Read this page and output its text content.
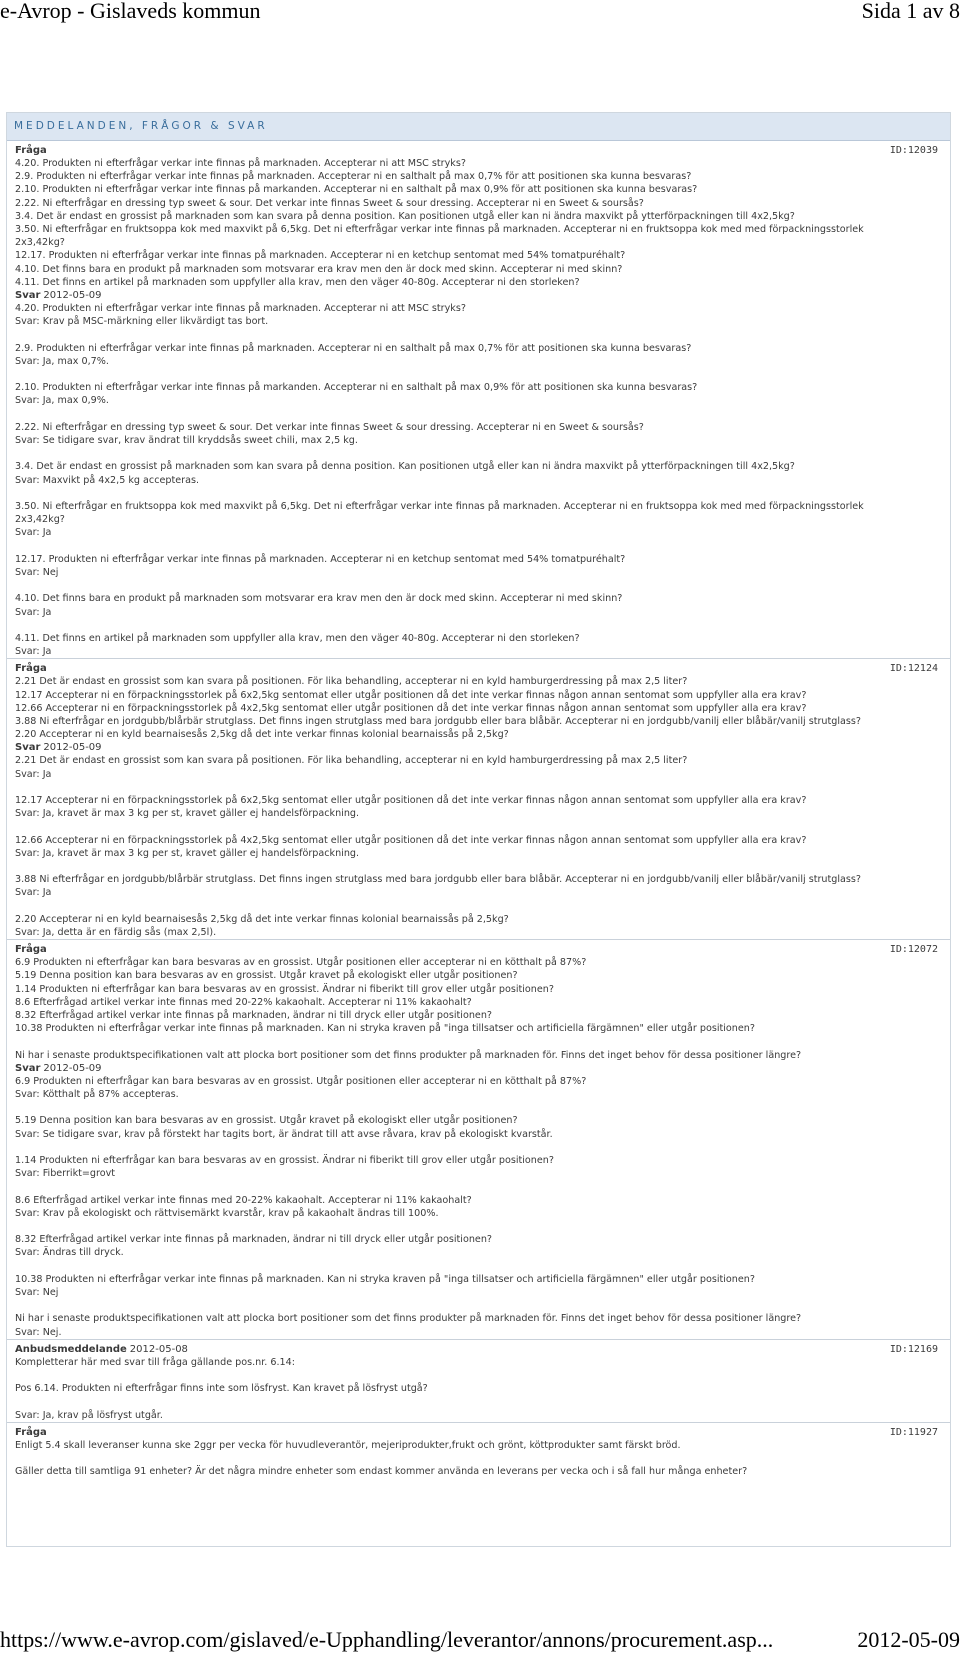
e-Avrop - Gislaveds kommun	Sida 1 av 8
MEDDELANDEN, FRÅGOR & SVAR
ID:12039
Fråga
4.20. Produkten ni efterfrågar verkar inte finnas på marknaden. Accepterar ni att MSC stryks?
2.9. Produkten ni efterfrågar verkar inte finnas på marknaden. Accepterar ni en salthalt på max 0,7% för att positionen ska kunna besvaras?
2.10. Produkten ni efterfrågar verkar inte finnas på markanden. Accepterar ni en salthalt på max 0,9% för att positionen ska kunna besvaras?
2.22. Ni efterfrågar en dressing typ sweet & sour. Det verkar inte finnas Sweet & sour dressing. Accepterar ni en Sweet & soursås?
3.4. Det är endast en grossist på marknaden som kan svara på denna position. Kan positionen utgå eller kan ni ändra maxvikt på ytterförpackningen till 4x2,5kg?
3.50. Ni efterfrågar en fruktsoppa kok med maxvikt på 6,5kg. Det ni efterfrågar verkar inte finnas på marknaden. Accepterar ni en fruktsoppa kok med med förpackningsstorlek
2x3,42kg?
12.17. Produkten ni efterfrågar verkar inte finnas på marknaden. Accepterar ni en ketchup sentomat med 54% tomatpuréhalt?
4.10. Det finns bara en produkt på marknaden som motsvarar era krav men den är dock med skinn. Accepterar ni med skinn?
4.11. Det finns en artikel på marknaden som uppfyller alla krav, men den väger 40-80g. Accepterar ni den storleken?
Svar 2012-05-09
4.20. Produkten ni efterfrågar verkar inte finnas på marknaden. Accepterar ni att MSC stryks?
Svar: Krav på MSC-märkning eller likvärdigt tas bort.
2.9. Produkten ni efterfrågar verkar inte finnas på marknaden. Accepterar ni en salthalt på max 0,7% för att positionen ska kunna besvaras?
Svar: Ja, max 0,7%.
2.10. Produkten ni efterfrågar verkar inte finnas på markanden. Accepterar ni en salthalt på max 0,9% för att positionen ska kunna besvaras?
Svar: Ja, max 0,9%.
2.22. Ni efterfrågar en dressing typ sweet & sour. Det verkar inte finnas Sweet & sour dressing. Accepterar ni en Sweet & soursås?
Svar: Se tidigare svar, krav ändrat till kryddsås sweet chili, max 2,5 kg.
3.4. Det är endast en grossist på marknaden som kan svara på denna position. Kan positionen utgå eller kan ni ändra maxvikt på ytterförpackningen till 4x2,5kg?
Svar: Maxvikt på 4x2,5 kg accepteras.
3.50. Ni efterfrågar en fruktsoppa kok med maxvikt på 6,5kg. Det ni efterfrågar verkar inte finnas på marknaden. Accepterar ni en fruktsoppa kok med med förpackningsstorlek
2x3,42kg?
Svar: Ja
12.17. Produkten ni efterfrågar verkar inte finnas på marknaden. Accepterar ni en ketchup sentomat med 54% tomatpuréhalt?
Svar: Nej
4.10. Det finns bara en produkt på marknaden som motsvarar era krav men den är dock med skinn. Accepterar ni med skinn?
Svar: Ja
4.11. Det finns en artikel på marknaden som uppfyller alla krav, men den väger 40-80g. Accepterar ni den storleken?
Svar: Ja
ID:12124
Fråga
2.21 Det är endast en grossist som kan svara på positionen. För lika behandling, accepterar ni en kyld hamburgerdressing på max 2,5 liter?
12.17 Accepterar ni en förpackningsstorlek på 6x2,5kg sentomat eller utgår positionen då det inte verkar finnas någon annan sentomat som uppfyller alla era krav?
12.66 Accepterar ni en förpackningsstorlek på 4x2,5kg sentomat eller utgår positionen då det inte verkar finnas någon annan sentomat som uppfyller alla era krav?
3.88 Ni efterfrågar en jordgubb/blårbär strutglass. Det finns ingen strutglass med bara jordgubb eller bara blåbär. Accepterar ni en jordgubb/vanilj eller blåbär/vanilj strutglass?
2.20 Accepterar ni en kyld bearnaisesås 2,5kg då det inte verkar finnas kolonial bearnaissås på 2,5kg?
Svar 2012-05-09
2.21 Det är endast en grossist som kan svara på positionen. För lika behandling, accepterar ni en kyld hamburgerdressing på max 2,5 liter?
Svar: Ja
12.17 Accepterar ni en förpackningsstorlek på 6x2,5kg sentomat eller utgår positionen då det inte verkar finnas någon annan sentomat som uppfyller alla era krav?
Svar: Ja, kravet är max 3 kg per st, kravet gäller ej handelsförpackning.
12.66 Accepterar ni en förpackningsstorlek på 4x2,5kg sentomat eller utgår positionen då det inte verkar finnas någon annan sentomat som uppfyller alla era krav?
Svar: Ja, kravet är max 3 kg per st, kravet gäller ej handelsförpackning.
3.88 Ni efterfrågar en jordgubb/blårbär strutglass. Det finns ingen strutglass med bara jordgubb eller bara blåbär. Accepterar ni en jordgubb/vanilj eller blåbär/vanilj strutglass?
Svar: Ja
2.20 Accepterar ni en kyld bearnaisesås 2,5kg då det inte verkar finnas kolonial bearnaissås på 2,5kg?
Svar: Ja, detta är en färdig sås (max 2,5l).
ID:12072
Fråga
6.9 Produkten ni efterfrågar kan bara besvaras av en grossist. Utgår positionen eller accepterar ni en kötthalt på 87%?
5.19 Denna position kan bara besvaras av en grossist. Utgår kravet på ekologiskt eller utgår positionen?
1.14 Produkten ni efterfrågar kan bara besvaras av en grossist. Ändrar ni fiberikt till grov eller utgår positionen?
8.6 Efterfrågad artikel verkar inte finnas med 20-22% kakaohalt. Accepterar ni 11% kakaohalt?
8.32 Efterfrågad artikel verkar inte finnas på marknaden, ändrar ni till dryck eller utgår positionen?
10.38 Produkten ni efterfrågar verkar inte finnas på marknaden. Kan ni stryka kraven på "inga tillsatser och artificiella färgämnen" eller utgår positionen?
Ni har i senaste produktspecifikationen valt att plocka bort positioner som det finns produkter på marknaden för. Finns det inget behov för dessa positioner längre?
Svar 2012-05-09
6.9 Produkten ni efterfrågar kan bara besvaras av en grossist. Utgår positionen eller accepterar ni en kötthalt på 87%?
Svar: Kötthalt på 87% accepteras.
5.19 Denna position kan bara besvaras av en grossist. Utgår kravet på ekologiskt eller utgår positionen?
Svar: Se tidigare svar, krav på förstekt har tagits bort, är ändrat till att avse råvara, krav på ekologiskt kvarstår.
1.14 Produkten ni efterfrågar kan bara besvaras av en grossist. Ändrar ni fiberikt till grov eller utgår positionen?
Svar: Fiberrikt=grovt
8.6 Efterfrågad artikel verkar inte finnas med 20-22% kakaohalt. Accepterar ni 11% kakaohalt?
Svar: Krav på ekologiskt och rättvisemärkt kvarstår, krav på kakaohalt ändras till 100%.
8.32 Efterfrågad artikel verkar inte finnas på marknaden, ändrar ni till dryck eller utgår positionen?
Svar: Ändras till dryck.
10.38 Produkten ni efterfrågar verkar inte finnas på marknaden. Kan ni stryka kraven på "inga tillsatser och artificiella färgämnen" eller utgår positionen?
Svar: Nej
Ni har i senaste produktspecifikationen valt att plocka bort positioner som det finns produkter på marknaden för. Finns det inget behov för dessa positioner längre?
Svar: Nej.
ID:12169
Anbudsmeddelande 2012-05-08
Kompletterar här med svar till fråga gällande pos.nr. 6.14:
Pos 6.14. Produkten ni efterfrågar finns inte som lösfryst. Kan kravet på lösfryst utgå?
Svar: Ja, krav på lösfryst utgår.
ID:11927
Fråga
Enligt 5.4 skall leveranser kunna ske 2ggr per vecka för huvudleverantör, mejeriprodukter,frukt och grönt, köttprodukter samt färskt bröd.
Gäller detta till samtliga 91 enheter? Är det några mindre enheter som endast kommer använda en leverans per vecka och i så fall hur många enheter?
https://www.e-avrop.com/gislaved/e-Upphandling/leverantor/annons/procurement.asp...	2012-05-09
